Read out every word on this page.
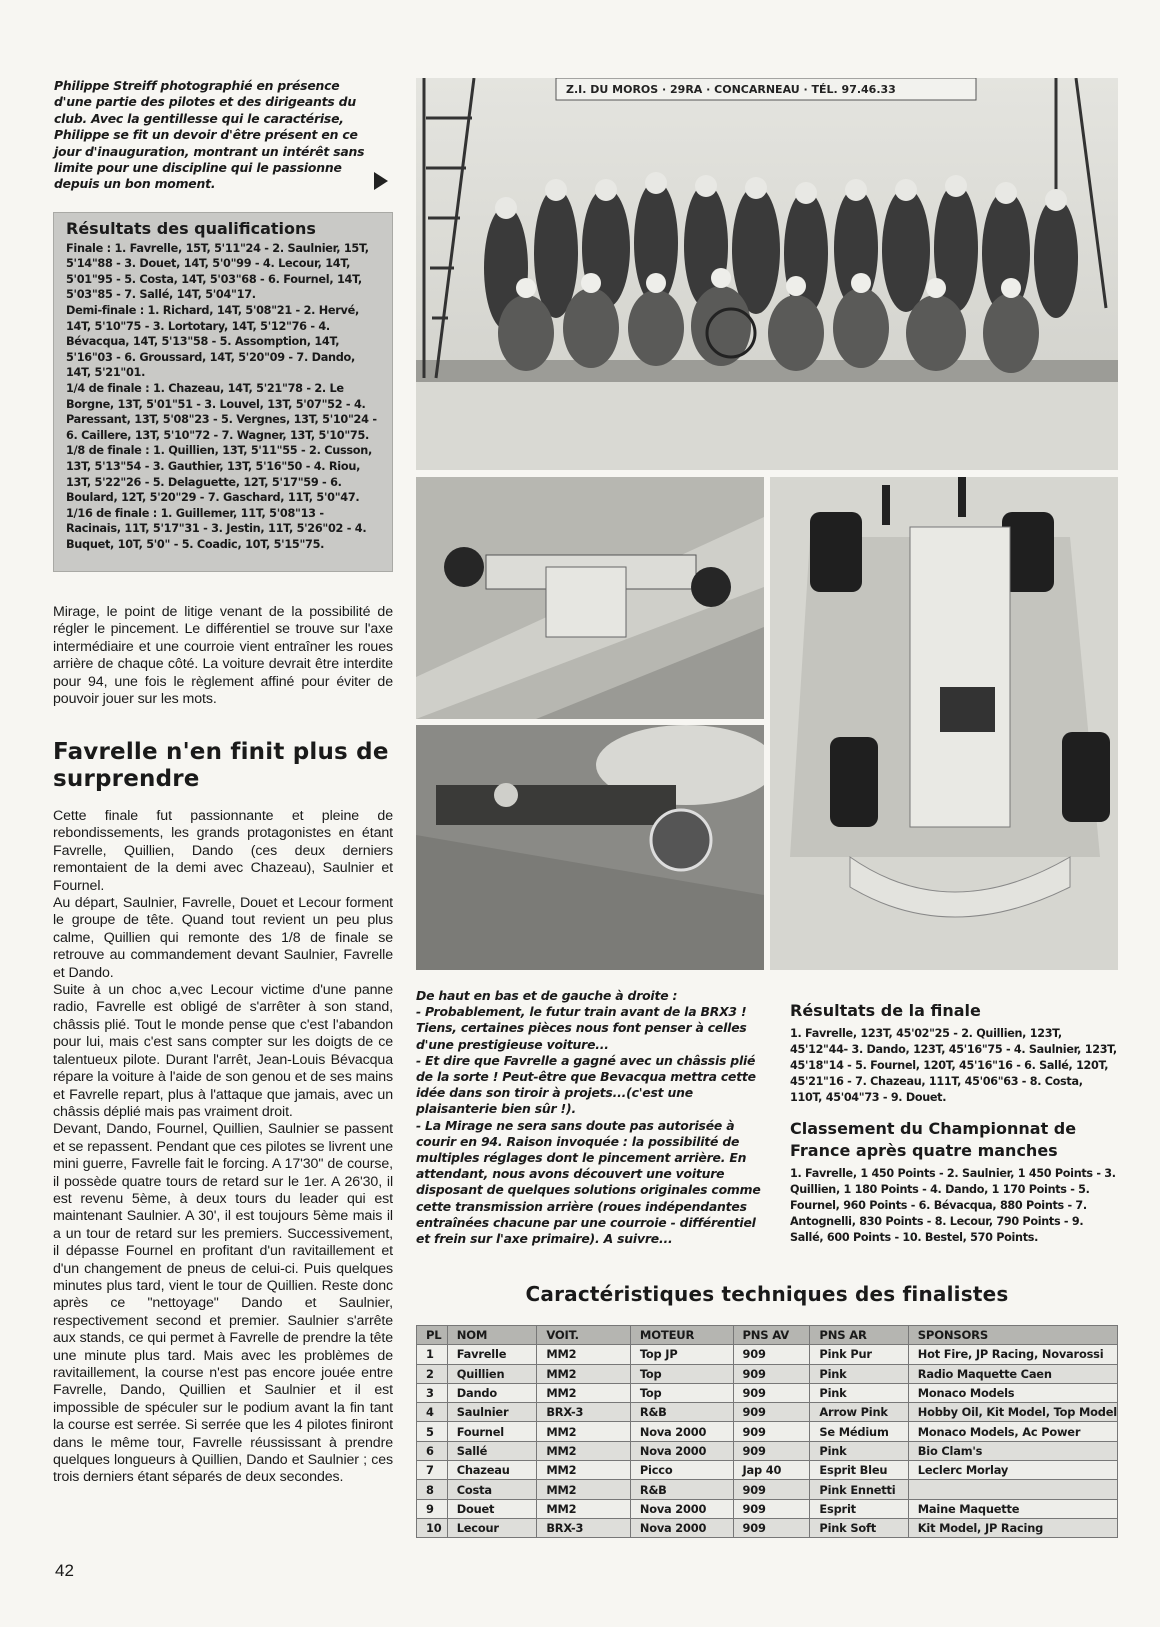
Philippe Streiff photographié en présence d'une partie des pilotes et des dirigeants du club. Avec la gentillesse qui le caractérise, Philippe se fit un devoir d'être présent en ce jour d'inauguration, montrant un intérêt sans limite pour une discipline qui le passionne depuis un bon moment.
Résultats des qualifications

Finale : 1. Favrelle, 15T, 5'11"24 - 2. Saulnier, 15T, 5'14"88 - 3. Douet, 14T, 5'0"99 - 4. Lecour, 14T, 5'01"95 - 5. Costa, 14T, 5'03"68 - 6. Fournel, 14T, 5'03"85 - 7. Sallé, 14T, 5'04"17.

Demi-finale : 1. Richard, 14T, 5'08"21 - 2. Hervé, 14T, 5'10"75 - 3. Lortotary, 14T, 5'12"76 - 4. Bévacqua, 14T, 5'13"58 - 5. Assomption, 14T, 5'16"03 - 6. Groussard, 14T, 5'20"09 - 7. Dando, 14T, 5'21"01.

1/4 de finale : 1. Chazeau, 14T, 5'21"78 - 2. Le Borgne, 13T, 5'01"51 - 3. Louvel, 13T, 5'07"52 - 4. Paressant, 13T, 5'08"23 - 5. Vergnes, 13T, 5'10"24 - 6. Caillere, 13T, 5'10"72 - 7. Wagner, 13T, 5'10"75.

1/8 de finale : 1. Quillien, 13T, 5'11"55 - 2. Cusson, 13T, 5'13"54 - 3. Gauthier, 13T, 5'16"50 - 4. Riou, 13T, 5'22"26 - 5. Delaguette, 12T, 5'17"59 - 6. Boulard, 12T, 5'20"29 - 7. Gaschard, 11T, 5'0"47.

1/16 de finale : 1. Guillemer, 11T, 5'08"13 - Racinais, 11T, 5'17"31 - 3. Jestin, 11T, 5'26"02 - 4. Buquet, 10T, 5'0" - 5. Coadic, 10T, 5'15"75.

Mirage, le point de litige venant de la possibilité de régler le pincement. Le différentiel se trouve sur l'axe intermédiaire et une courroie vient entraîner les roues arrière de chaque côté. La voiture devrait être interdite pour 94, une fois le règlement affiné pour éviter de pouvoir jouer sur les mots.

Favrelle n'en finit plus de surprendre

Cette finale fut passionnante et pleine de rebondissements, les grands protagonistes en étant Favrelle, Quillien, Dando (ces deux derniers remontaient de la demi avec Chazeau), Saulnier et Fournel.

Au départ, Saulnier, Favrelle, Douet et Lecour forment le groupe de tête. Quand tout revient un peu plus calme, Quillien qui remonte des 1/8 de finale se retrouve au commandement devant Saulnier, Favrelle et Dando.

Suite à un choc a,vec Lecour victime d'une panne radio, Favrelle est obligé de s'arrêter à son stand, châssis plié. Tout le monde pense que c'est l'abandon pour lui, mais c'est sans compter sur les doigts de ce talentueux pilote. Durant l'arrêt, Jean-Louis Bévacqua répare la voiture à l'aide de son genou et de ses mains et Favrelle repart, plus à l'attaque que jamais, avec un châssis déplié mais pas vraiment droit.

Devant, Dando, Fournel, Quillien, Saulnier se passent et se repassent. Pendant que ces pilotes se livrent une mini guerre, Favrelle fait le forcing. A 17'30" de course, il possède quatre tours de retard sur le 1er. A 26'30, il est revenu 5ème, à deux tours du leader qui est maintenant Saulnier. A 30', il est toujours 5ème mais il a un tour de retard sur les premiers. Successivement, il dépasse Fournel en profitant d'un ravitaillement et d'un changement de pneus de celui-ci. Puis quelques minutes plus tard, vient le tour de Quillien. Reste donc après ce "nettoyage" Dando et Saulnier, respectivement second et premier. Saulnier s'arrête aux stands, ce qui permet à Favrelle de prendre la tête une minute plus tard. Mais avec les problèmes de ravitaillement, la course n'est pas encore jouée entre Favrelle, Dando, Quillien et Saulnier et il est impossible de spéculer sur le podium avant la fin tant la course est serrée. Si serrée que les 4 pilotes finiront dans le même tour, Favrelle réussissant à prendre quelques longueurs à Quillien, Dando et Saulnier ; ces trois derniers étant séparés de deux secondes.

Z.I. DU MOROS · 29RA · CONCARNEAU · TÉL. 97.46.33
De haut en bas et de gauche à droite :
- Probablement, le futur train avant de la BRX3 ! Tiens, certaines pièces nous font penser à celles d'une prestigieuse voiture...
- Et dire que Favrelle a gagné avec un châssis plié de la sorte ! Peut-être que Bevacqua mettra cette idée dans son tiroir à projets...(c'est une plaisanterie bien sûr !).
- La Mirage ne sera sans doute pas autorisée à courir en 94. Raison invoquée : la possibilité de multiples réglages dont le pincement arrière. En attendant, nous avons découvert une voiture disposant de quelques solutions originales comme cette transmission arrière (roues indépendantes entraînées chacune par une courroie - différentiel et frein sur l'axe primaire). A suivre...
Résultats de la finale
1. Favrelle, 123T, 45'02"25 - 2. Quillien, 123T, 45'12"44- 3. Dando, 123T, 45'16"75 - 4. Saulnier, 123T, 45'18"14 - 5. Fournel, 120T, 45'16"16 - 6. Sallé, 120T, 45'21"16 - 7. Chazeau, 111T, 45'06"63 - 8. Costa, 110T, 45'04"73 - 9. Douet.
Classement du Championnat de France après quatre manches
1. Favrelle, 1 450 Points - 2. Saulnier, 1 450 Points - 3. Quillien, 1 180 Points - 4. Dando, 1 170 Points - 5. Fournel, 960 Points - 6. Bévacqua, 880 Points - 7. Antognelli, 830 Points - 8. Lecour, 790 Points - 9. Sallé, 600 Points - 10. Bestel, 570 Points.
Caractéristiques techniques des finalistes
PL	NOM	VOIT.	MOTEUR	PNS AV	PNS AR	SPONSORS
1	Favrelle	MM2	Top JP	909	Pink Pur	Hot Fire, JP Racing, Novarossi
2	Quillien	MM2	Top	909	Pink	Radio Maquette Caen
3	Dando	MM2	Top	909	Pink	Monaco Models
4	Saulnier	BRX-3	R&B	909	Arrow Pink	Hobby Oil, Kit Model, Top Model
5	Fournel	MM2	Nova 2000	909	Se Médium	Monaco Models, Ac Power
6	Sallé	MM2	Nova 2000	909	Pink	Bio Clam's
7	Chazeau	MM2	Picco	Jap 40	Esprit Bleu	Leclerc Morlay
8	Costa	MM2	R&B	909	Pink Ennetti	
9	Douet	MM2	Nova 2000	909	Esprit	Maine Maquette
10	Lecour	BRX-3	Nova 2000	909	Pink Soft	Kit Model, JP Racing
42
